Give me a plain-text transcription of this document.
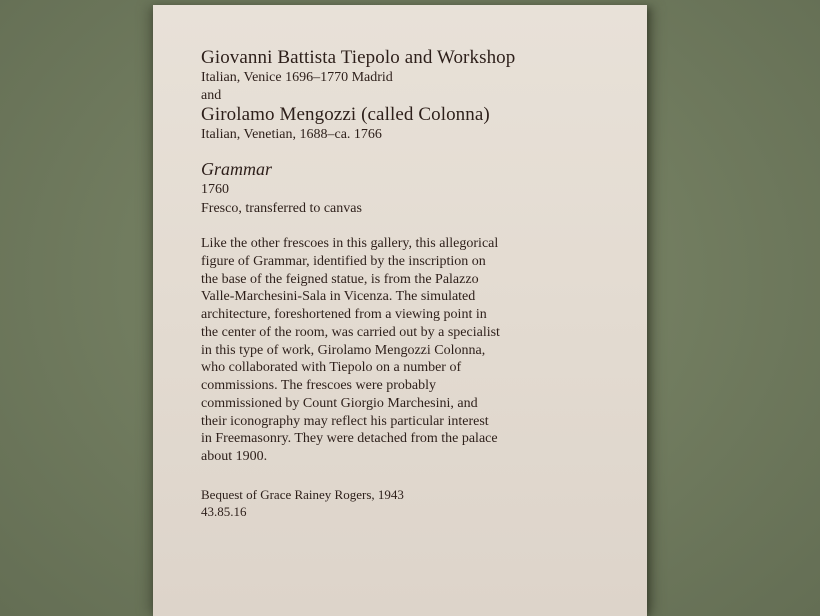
Giovanni Battista Tiepolo and Workshop

Italian, Venice 1696–1770 Madrid

and

Girolamo Mengozzi (called Colonna)

Italian, Venetian, 1688–ca. 1766

Grammar

1760

Fresco, transferred to canvas

Like the other frescoes in this gallery, this allegorical
figure of Grammar, identified by the inscription on
the base of the feigned statue, is from the Palazzo
Valle-Marchesini-Sala in Vicenza. The simulated
architecture, foreshortened from a viewing point in
the center of the room, was carried out by a specialist
in this type of work, Girolamo Mengozzi Colonna,
who collaborated with Tiepolo on a number of
commissions. The frescoes were probably
commissioned by Count Giorgio Marchesini, and
their iconography may reflect his particular interest
in Freemasonry. They were detached from the palace
about 1900.

Bequest of Grace Rainey Rogers, 1943
43.85.16
